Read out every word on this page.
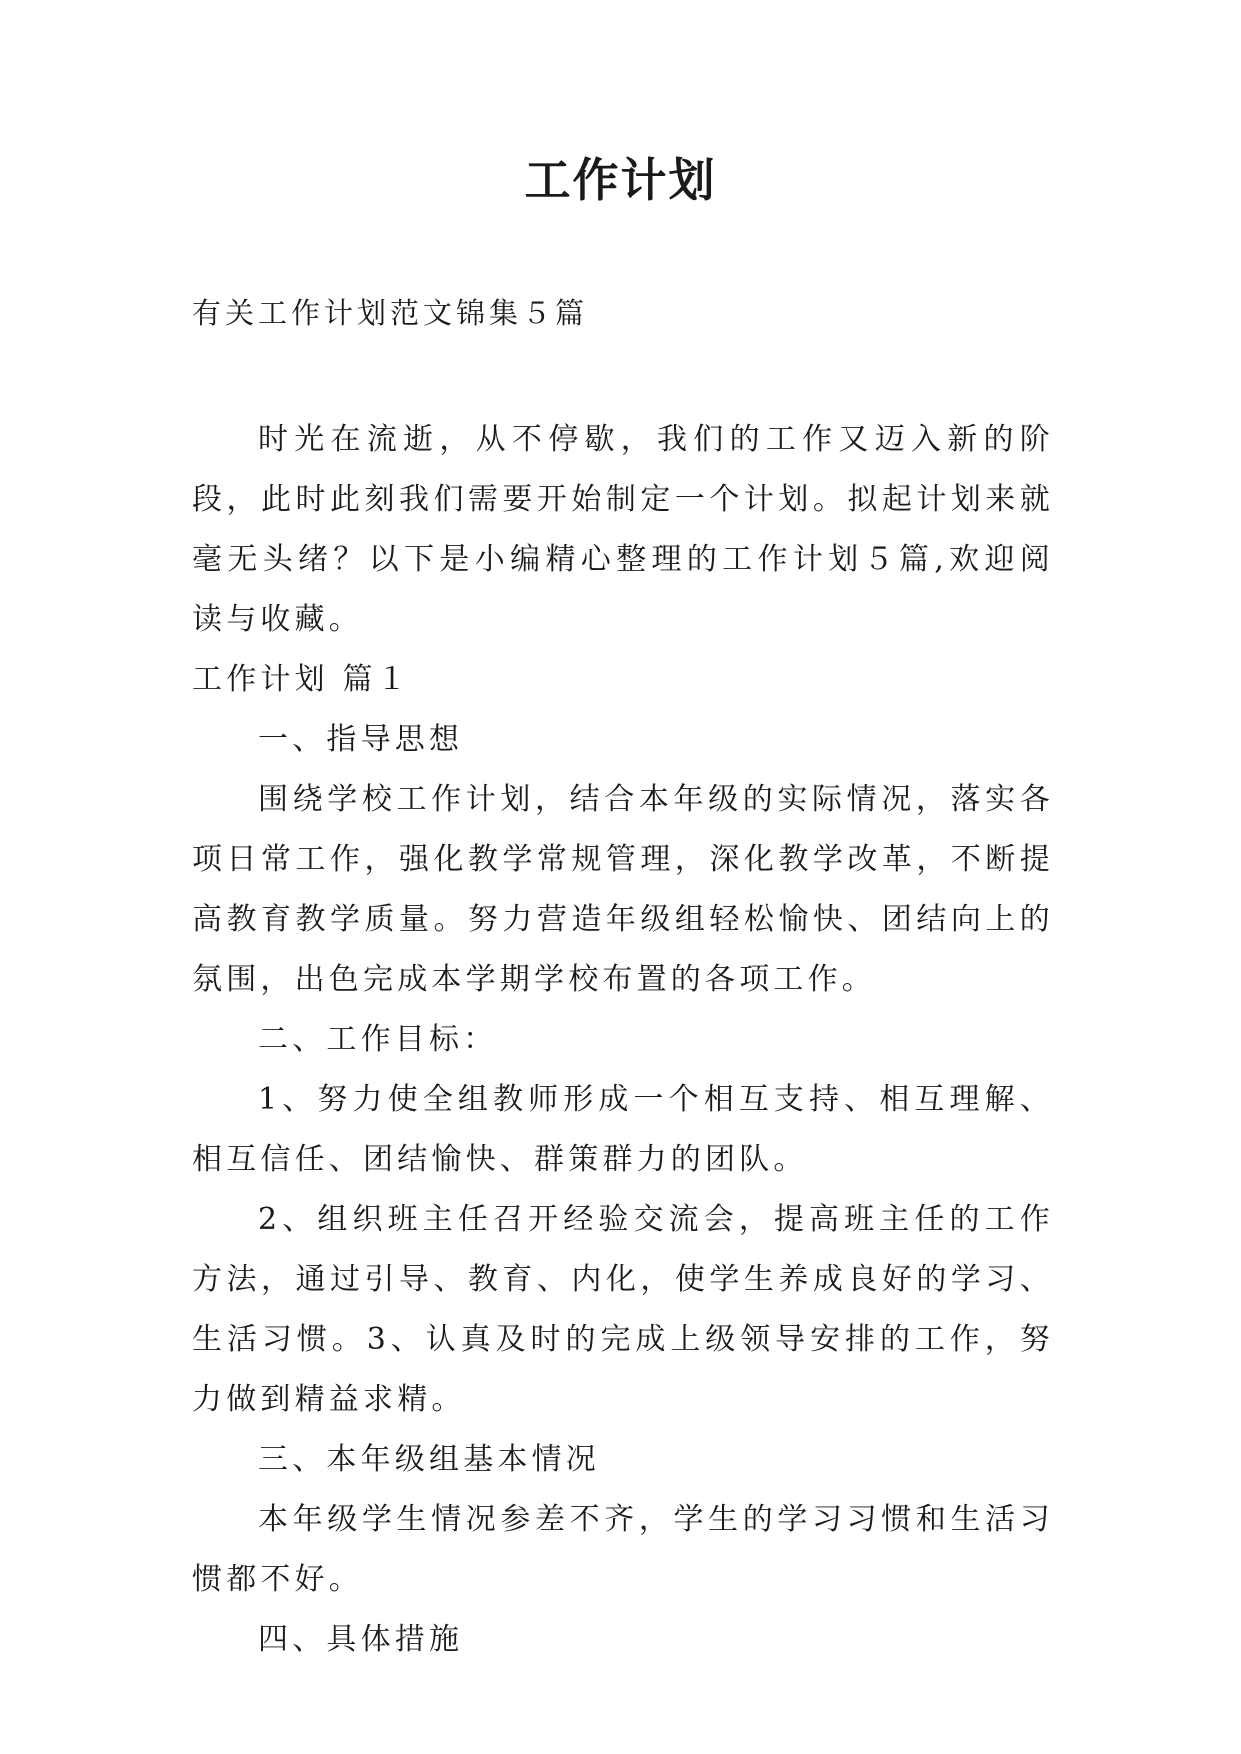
工作计划

有关工作计划范文锦集５篇

时光在流逝，从不停歇，我们的工作又迈入新的阶段，此时此刻我们需要开始制定一个计划。拟起计划来就毫无头绪？以下是小编精心整理的工作计划５篇,欢迎阅读与收藏。

工作计划 篇１

一、指导思想

围绕学校工作计划，结合本年级的实际情况，落实各项日常工作，强化教学常规管理，深化教学改革，不断提高教育教学质量。努力营造年级组轻松愉快、团结向上的氛围，出色完成本学期学校布置的各项工作。

二、工作目标：

1、努力使全组教师形成一个相互支持、相互理解、相互信任、团结愉快、群策群力的团队。

2、组织班主任召开经验交流会，提高班主任的工作方法，通过引导、教育、内化，使学生养成良好的学习、生活习惯。3、认真及时的完成上级领导安排的工作，努力做到精益求精。

三、本年级组基本情况

本年级学生情况参差不齐，学生的学习习惯和生活习惯都不好。

四、具体措施
